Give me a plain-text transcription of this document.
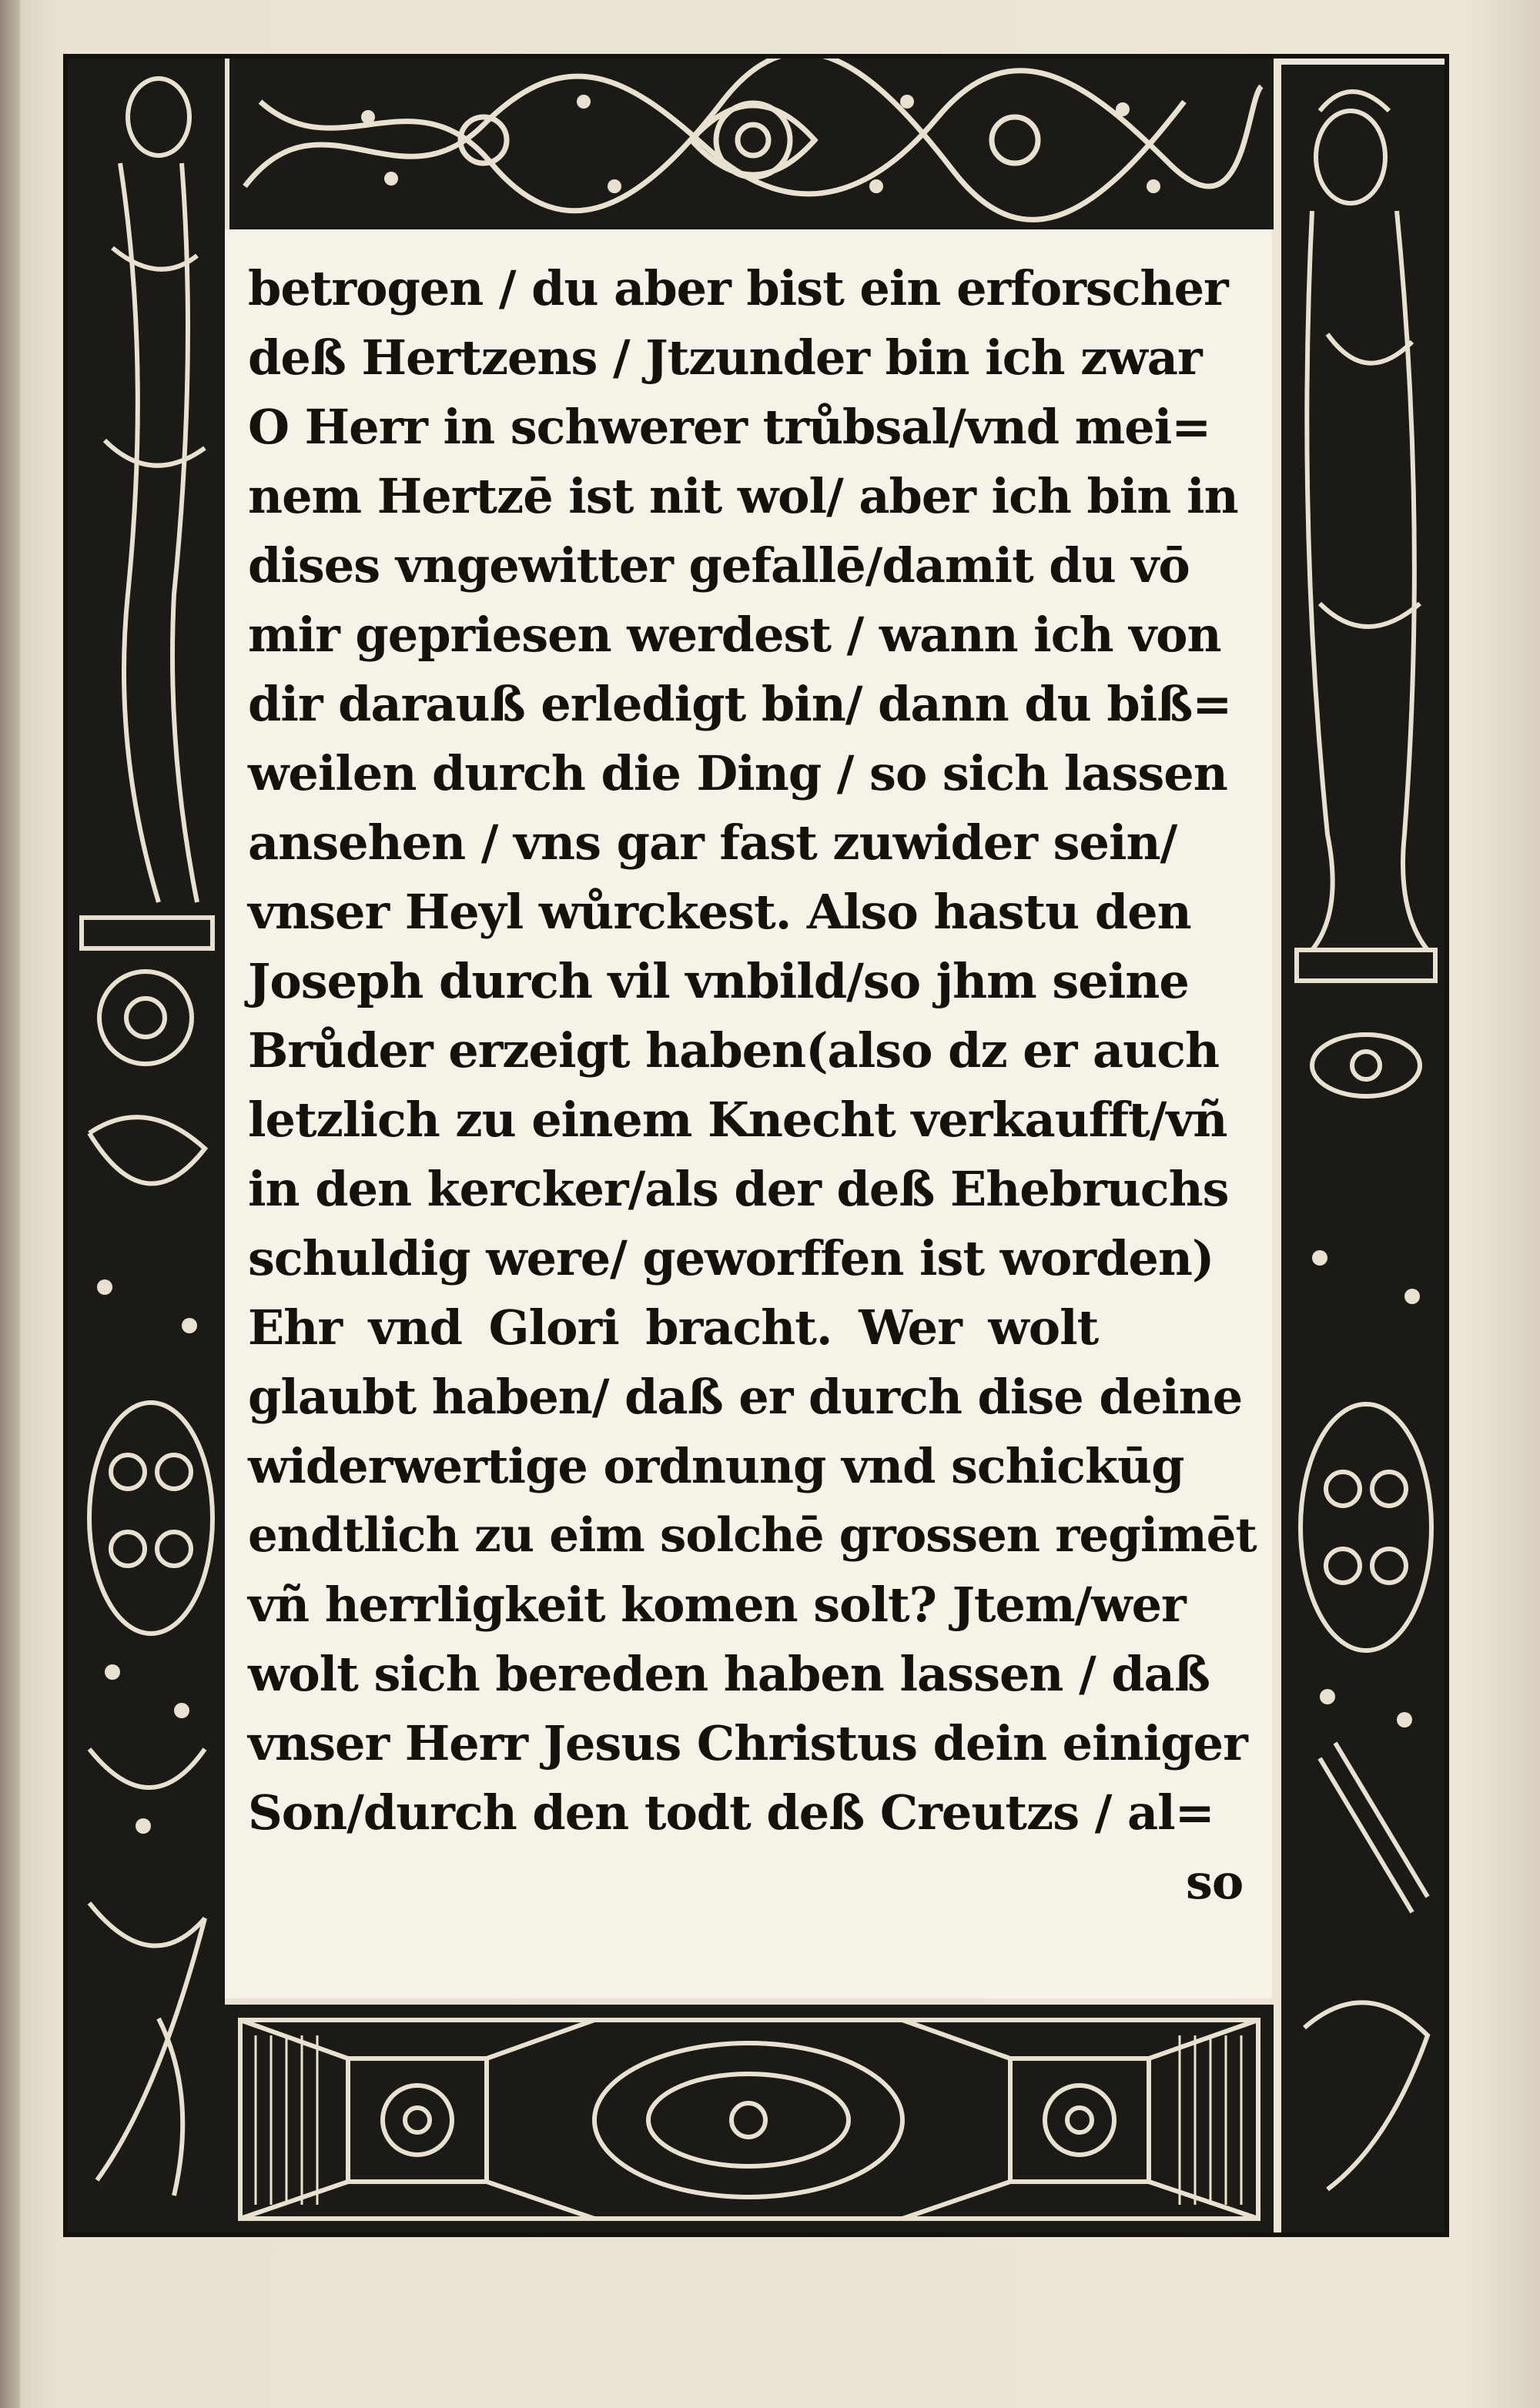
betrogen / du aber bist ein erforscher
deß Hertzens / Jtzunder bin ich zwar
O Herr in schwerer trůbsal/vnd mei=
nem Hertzē ist nit wol/ aber ich bin in
dises vngewitter gefallē/damit du vō
mir gepriesen werdest / wann ich von
dir darauß erledigt bin/ dann du biß=
weilen durch die Ding / so sich lassen
ansehen / vns gar fast zuwider sein/
vnser Heyl wůrckest. Also hastu den
Joseph durch vil vnbild/so jhm seine
Brůder erzeigt haben(also dz er auch
letzlich zu einem Knecht verkaufft/vñ
in den kercker/als der deß Ehebruchs
schuldig were/ geworffen ist worden)
Ehr vnd Glori bracht. Wer wolt
glaubt haben/ daß er durch dise deine
widerwertige ordnung vnd schickūg
endtlich zu eim solchē grossen regimēt
vñ herrligkeit komen solt? Jtem/wer
wolt sich bereden haben lassen / daß
vnser Herr Jesus Christus dein einiger
Son/durch den todt deß Creutzs / al=
so
